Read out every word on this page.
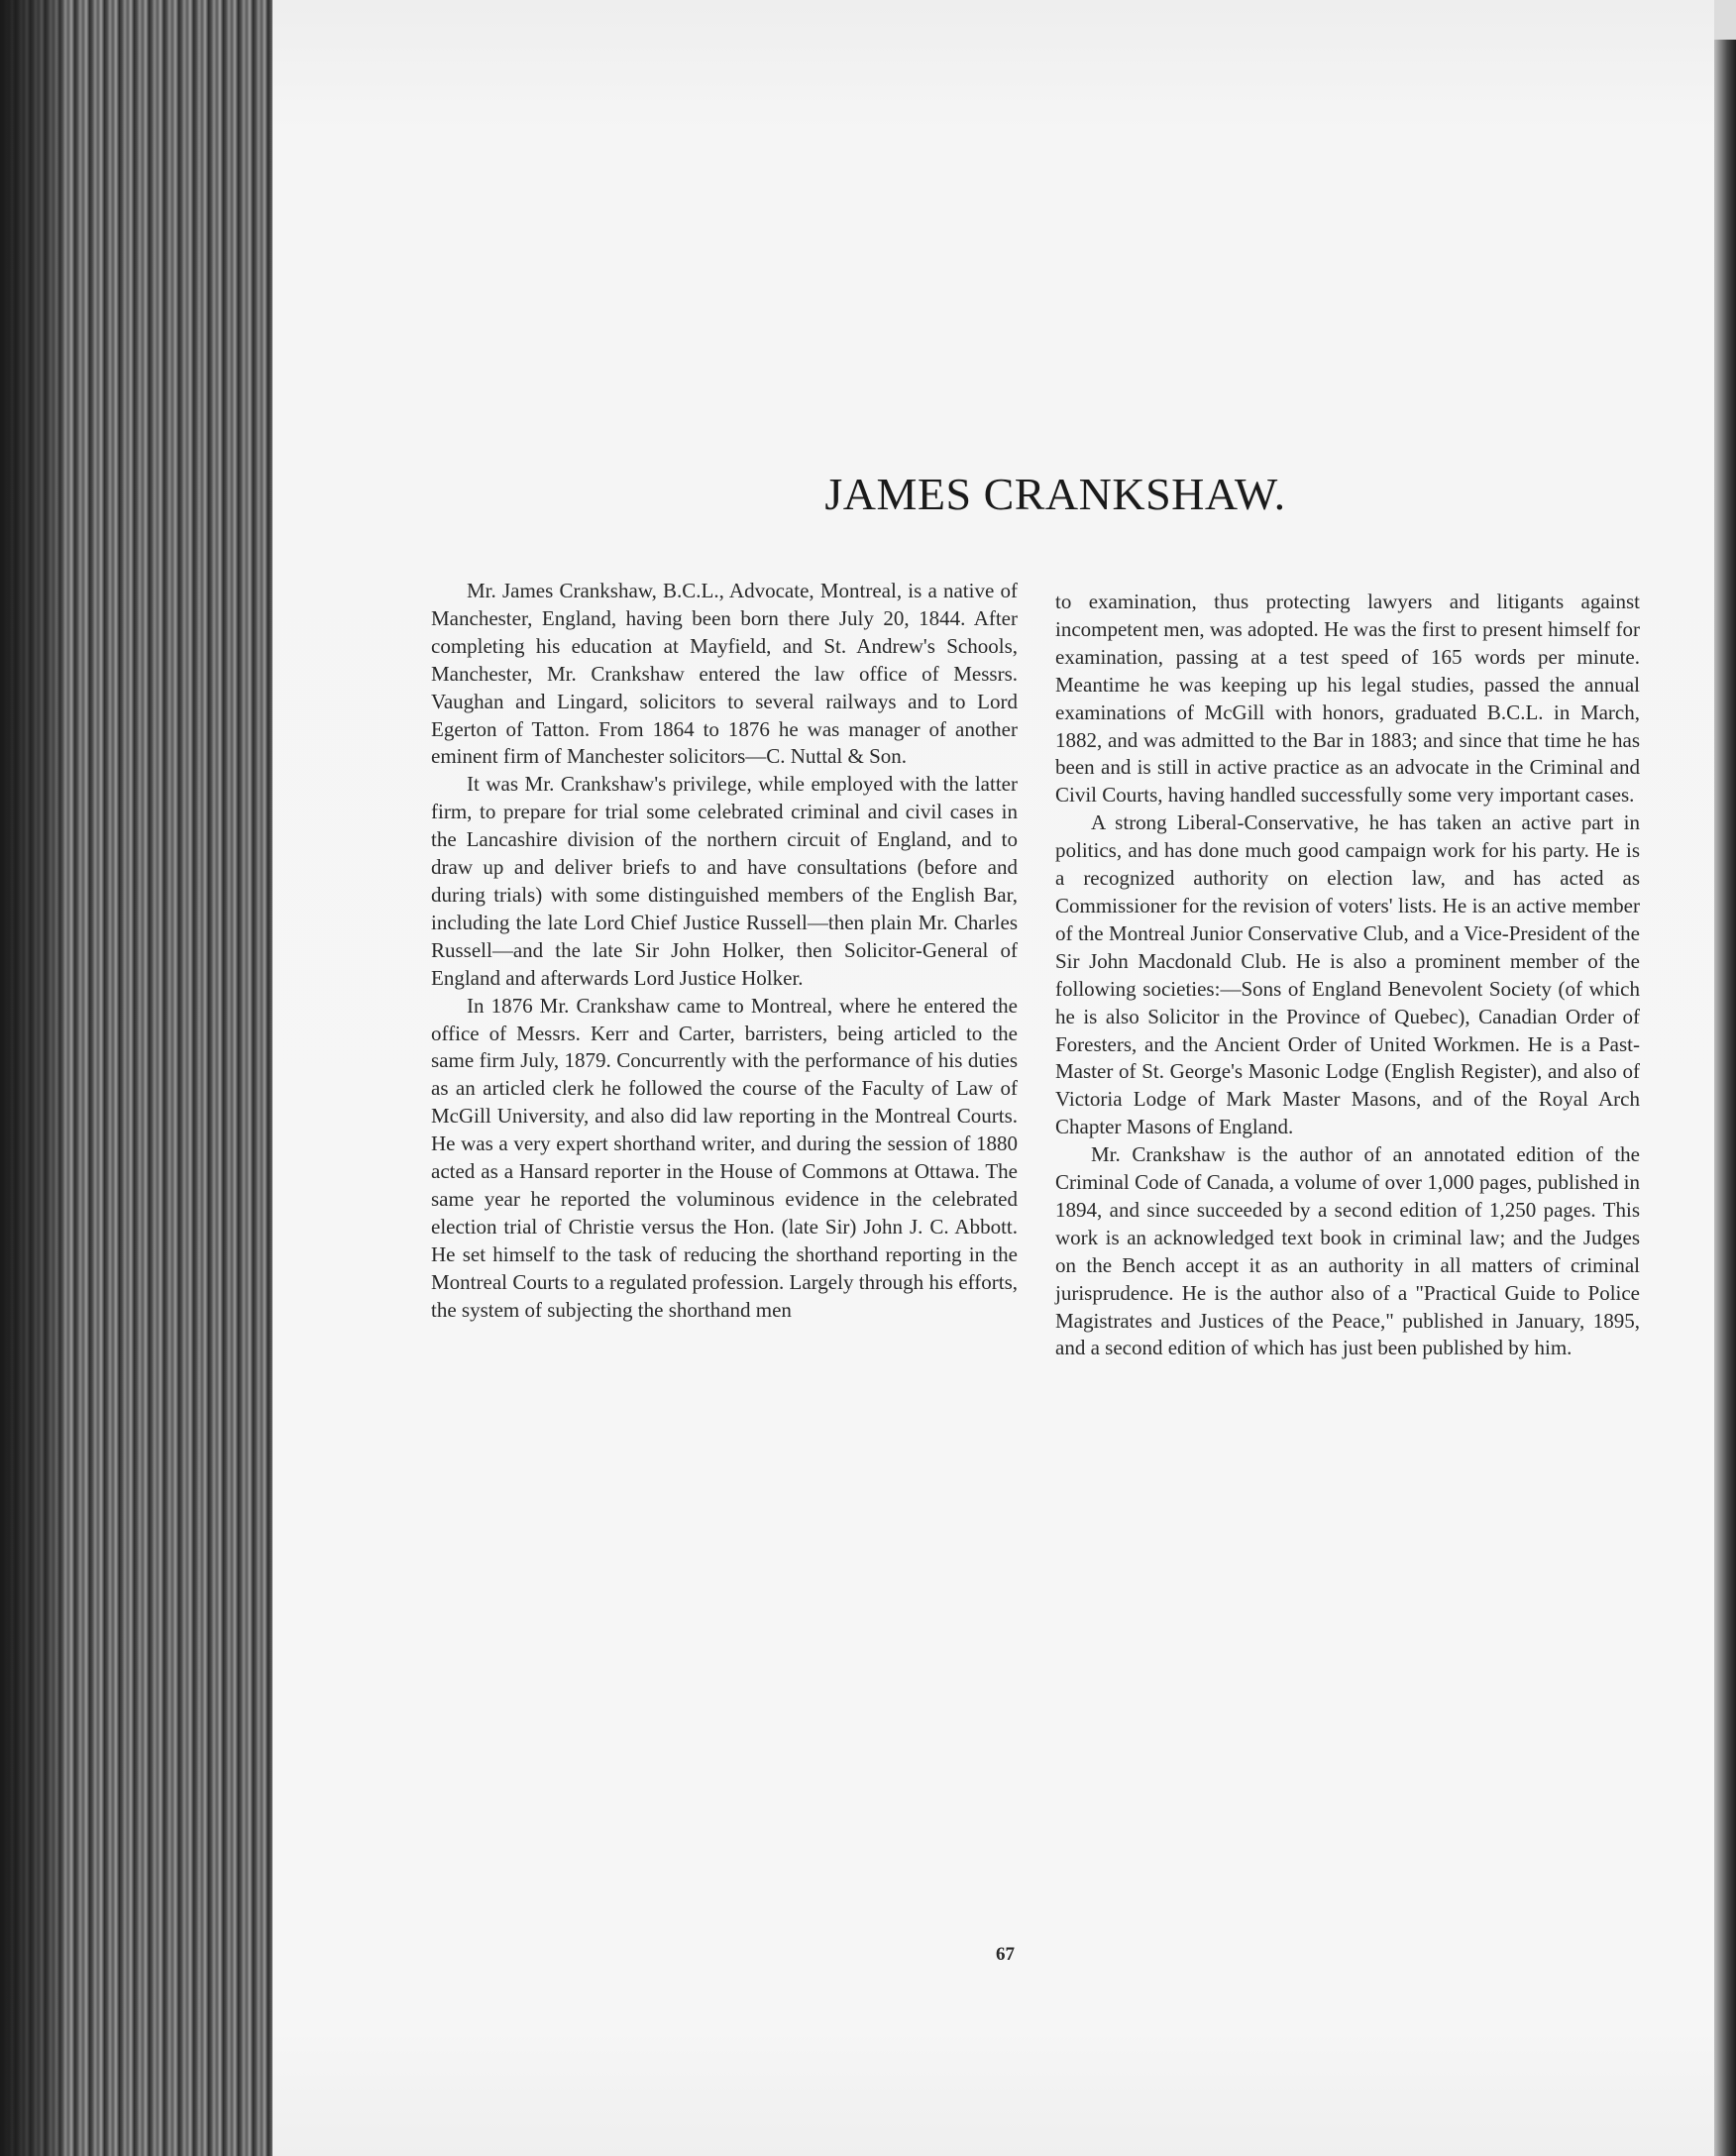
JAMES CRANKSHAW.

Mr. James Crankshaw, B.C.L., Advocate, Montreal, is a native of Manchester, England, having been born there July 20, 1844. After completing his education at Mayfield, and St. Andrew's Schools, Manchester, Mr. Crankshaw entered the law office of Messrs. Vaughan and Lingard, solicitors to several railways and to Lord Egerton of Tatton. From 1864 to 1876 he was manager of another eminent firm of Manchester solicitors—C. Nuttal & Son.

It was Mr. Crankshaw's privilege, while employed with the latter firm, to prepare for trial some celebrated criminal and civil cases in the Lancashire division of the northern circuit of England, and to draw up and deliver briefs to and have consultations (before and during trials) with some distinguished members of the English Bar, including the late Lord Chief Justice Russell—then plain Mr. Charles Russell—and the late Sir John Holker, then Solicitor-General of England and afterwards Lord Justice Holker.

In 1876 Mr. Crankshaw came to Montreal, where he entered the office of Messrs. Kerr and Carter, barristers, being articled to the same firm July, 1879. Concurrently with the performance of his duties as an articled clerk he followed the course of the Faculty of Law of McGill University, and also did law reporting in the Montreal Courts. He was a very expert shorthand writer, and during the session of 1880 acted as a Hansard reporter in the House of Commons at Ottawa. The same year he reported the voluminous evidence in the celebrated election trial of Christie versus the Hon. (late Sir) John J. C. Abbott. He set himself to the task of reducing the shorthand reporting in the Montreal Courts to a regulated profession. Largely through his efforts, the system of subjecting the shorthand men

to examination, thus protecting lawyers and litigants against incompetent men, was adopted. He was the first to present himself for examination, passing at a test speed of 165 words per minute. Meantime he was keeping up his legal studies, passed the annual examinations of McGill with honors, graduated B.C.L. in March, 1882, and was admitted to the Bar in 1883; and since that time he has been and is still in active practice as an advocate in the Criminal and Civil Courts, having handled successfully some very important cases.

A strong Liberal-Conservative, he has taken an active part in politics, and has done much good campaign work for his party. He is a recognized authority on election law, and has acted as Commissioner for the revision of voters' lists. He is an active member of the Montreal Junior Conservative Club, and a Vice-President of the Sir John Macdonald Club. He is also a prominent member of the following societies:—Sons of England Benevolent Society (of which he is also Solicitor in the Province of Quebec), Canadian Order of Foresters, and the Ancient Order of United Workmen. He is a Past-Master of St. George's Masonic Lodge (English Register), and also of Victoria Lodge of Mark Master Masons, and of the Royal Arch Chapter Masons of England.

Mr. Crankshaw is the author of an annotated edition of the Criminal Code of Canada, a volume of over 1,000 pages, published in 1894, and since succeeded by a second edition of 1,250 pages. This work is an acknowledged text book in criminal law; and the Judges on the Bench accept it as an authority in all matters of criminal jurisprudence. He is the author also of a "Practical Guide to Police Magistrates and Justices of the Peace," published in January, 1895, and a second edition of which has just been published by him.

67
